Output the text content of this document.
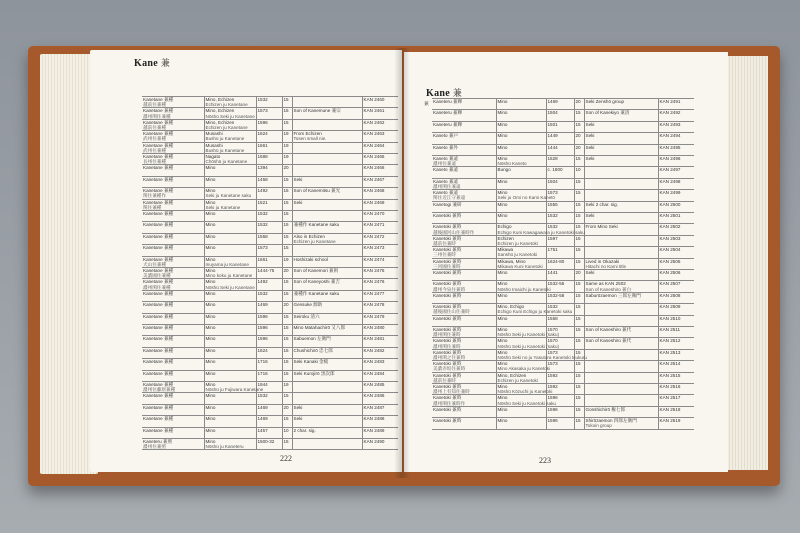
Kane 兼
Kanetane 兼種
越前住兼種	Mino, Echizen
Echizen ju Kanetane	1532	15		KAN 2460

Kanetane 兼種
濃州関住兼種	Mino, Echizen
Nōshū Seki ju Kanetane	1573	15	Son of Kanemune 兼宗	KAN 2461

Kanetane 兼種
越前住兼種	Mino, Echizen
Echizen ju Kanetane	1596	15		KAN 2462

Kanetane 兼種
武州住兼種	Musashi
Bushū ju Kanetane	1624	19	From Echizen
Tosen small nie.	KAN 2463

Kanetane 兼種
武州住兼種	Musashi
Bushū ju Kanetane	1661	19		KAN 2464

Kanetane 兼種
長州住兼種	Nagato
Chōshū ju Kanetane	1688	19		KAN 2465

Kanetane 兼種	Mino	1394	20		KAN 2466

Kanetane 兼種	Mino	1458	15	Seki	KAN 2467

Kanetane 兼種
関住兼種作	Mino
Seki ju Kanetane saku	1492	15	Son of Kanemitsu 兼光	KAN 2468

Kanetane 兼種
関住兼種	Mino
Seki ju Kanetane	1521	15	Seki	KAN 2469

Kanetane 兼種	Mino	1532	15		KAN 2470

Kanetane 兼種	Mino	1532	15	兼種作 Kanetane saku	KAN 2471

Kanetane 兼種	Mino	1558	15	Also in Echizen
Echizen ju Kanetane	KAN 2472

Kanetane 兼種	Mino	1573	15		KAN 2473

Kanetane 兼種
犬山住兼種	Mino
Inuyama ju Kanetane	1661	19	Hoshizaki school	KAN 2474

Kanetane 兼種
美濃國住兼種	Mino
Mino koku ju Kanetane	1444-75	20	Son of Kanemori 兼則	KAN 2475

Kanetane 兼種
濃州関住兼種	Mino
Nōshū Seki ju Kanetane	1492	15	Son of Kaneyoshi 兼吉	KAN 2476

Kanetane 兼種	Mino	1532	15	兼種作 Kanetane saku	KAN 2477

Kanetane 兼種	Mino	1469	20	Gensuke 源助	KAN 2478

Kanetane 兼種	Mino	1596	15	Seiroku 清六	KAN 2479

Kanetane 兼種	Mino	1596	15	Mino Matahachirō 又八郎	KAN 2480

Kanetane 兼種	Mino	1596	15	Sabuemon 左衛門	KAN 2481

Kanetane 兼種	Mino	1624	15	Chushichirō 忠七郎	KAN 2482

Kanetane 兼種	Mino	1716	15	Seki Kanaki 金槌	KAN 2483

Kanetane 兼種	Mino	1716	15	Seki Kurojirō 黒次郎	KAN 2484

Kanetane 兼種
濃州住藤原兼種	Mino
Nōshū ju Fujiwara Kanetane	1944	19		KAN 2485

Kanetane 兼種	Mino	1532	15		KAN 2486

Kanetane 兼種	Mino	1469	20	Seki	KAN 2487

Kanetane 兼種	Mino	1469	15	Seki	KAN 2488

Kanetane 兼種	Mino	1457	10	2 char. sig.	KAN 2489

Kaneteru 兼照
濃州住兼照	Mino
Nōshū ju Kaneteru	1500-32	15		KAN 2490
222
Kane 兼
兼
Kaneteru 兼輝	Mino	1469	20	Seki Zenshō group	KAN 2491

Kaneteru 兼輝	Mino	1504	15	Son of Kanekiyo 兼清	KAN 2492

Kaneteru 兼輝	Mino	1501	15	Seki	KAN 2493

Kaneto 兼戸	Mino	1449	20	Seki	KAN 2494

Kaneto 兼外	Mino	1444	20	Seki	KAN 2495

Kaneto 兼遠
濃州住兼遠	Mino
Nōshū Kaneto	1528	15	Seki	KAN 2496

Kaneto 兼遠	Bungo	c. 1800	10		KAN 2497

Kaneto 兼遠
濃州関住兼遠	Mino	1504	15		KAN 2498

Kaneto 兼遠
関住近江守兼遠	Mino
Seki ju Omi no Kami Kanetō	1573	15		KAN 2499

Kanetogi 兼研	Mino	1555	15	Seki 2 char. sig.	KAN 2500

Kanetoki 兼時	Mino	1532	15	Seki	KAN 2501

Kanetoki 兼時
越後國河山住兼時作	Echigo
Echigo Kuni Kawagawara ju Kanetoki saku	1532	15	From Mino Seki	KAN 2502

Kanetoki 兼時
越前住兼時	Echizen
Echizen ju Kanetoki	1597	15		KAN 2503

Kanetoki 兼時
三州住兼時	Mikawa
Sanshū ju Kanetoki	1751	15		KAN 2504

Kanetoki 兼時
三河國住兼時	Mikawa, Mino
Mikawa Kuni Kanetoki	1624-80	15	Lived in Okazaki
Hitachi no Kami title	KAN 2505

Kanetoki 兼時	Mino	1441	20	Seki	KAN 2506

Kanetoki 兼時
濃州今泉住兼時	Mino
Nōshū Imaichi ju Kanetoki	1532-55	15	Same as KAN 2502
Son of Kaneshiro 兼白	KAN 2507

Kanetoki 兼時	Mino	1532-58	15	Saburōzaemon 三郎左衛門	KAN 2508

Kanetoki 兼時
越後國住山住兼時	Mino, Echigo
Echigo Kuni Echigo ju Kanetoki saku	1532	15		KAN 2509

Kanetoki 兼時	Mino	1558	15		KAN 2510

Kanetoki 兼時
濃州関住兼時	Mino
Nōshū Seki ju Kanetoki (saku)	1570	15	Son of Kaneshiro 兼代	KAN 2511

Kanetoki 兼時
濃州関住兼時	Mino
Nōshū Seki ju Kanetoki (saku)	1570	15	Son of Kaneshiro 兼代	KAN 2512

Kanetoki 兼時
濃州関之住兼時	Mino
Nōshū Seki no ju Yasutora Kanetoki tsukuru	1573	15		KAN 2513

Kanetoki 兼時
美濃赤坂住兼時	Mino
Mino Akasaka ju Kanetoki	1573	15		KAN 2514

Kanetoki 兼時
越前住兼時	Mino, Echizen
Echizen ju Kanetoki	1592	15		KAN 2515

Kanetoki 兼時
濃州上有知住兼時	Mino
Nōshū Kōzuchi ju Kanetoki	1592	15		KAN 2516

Kanetoki 兼時
濃州関住兼時作	Mino
Nōshū Seki ju Kanetoki saku	1596	15		KAN 2517

Kanetoki 兼時	Mino	1596	15	Gonshichirō 権七郎	KAN 2518

Kanetoki 兼時	Mino	1596	15	Shirōzaemon 四郎左衛門
Tokoin group	KAN 2519
223
